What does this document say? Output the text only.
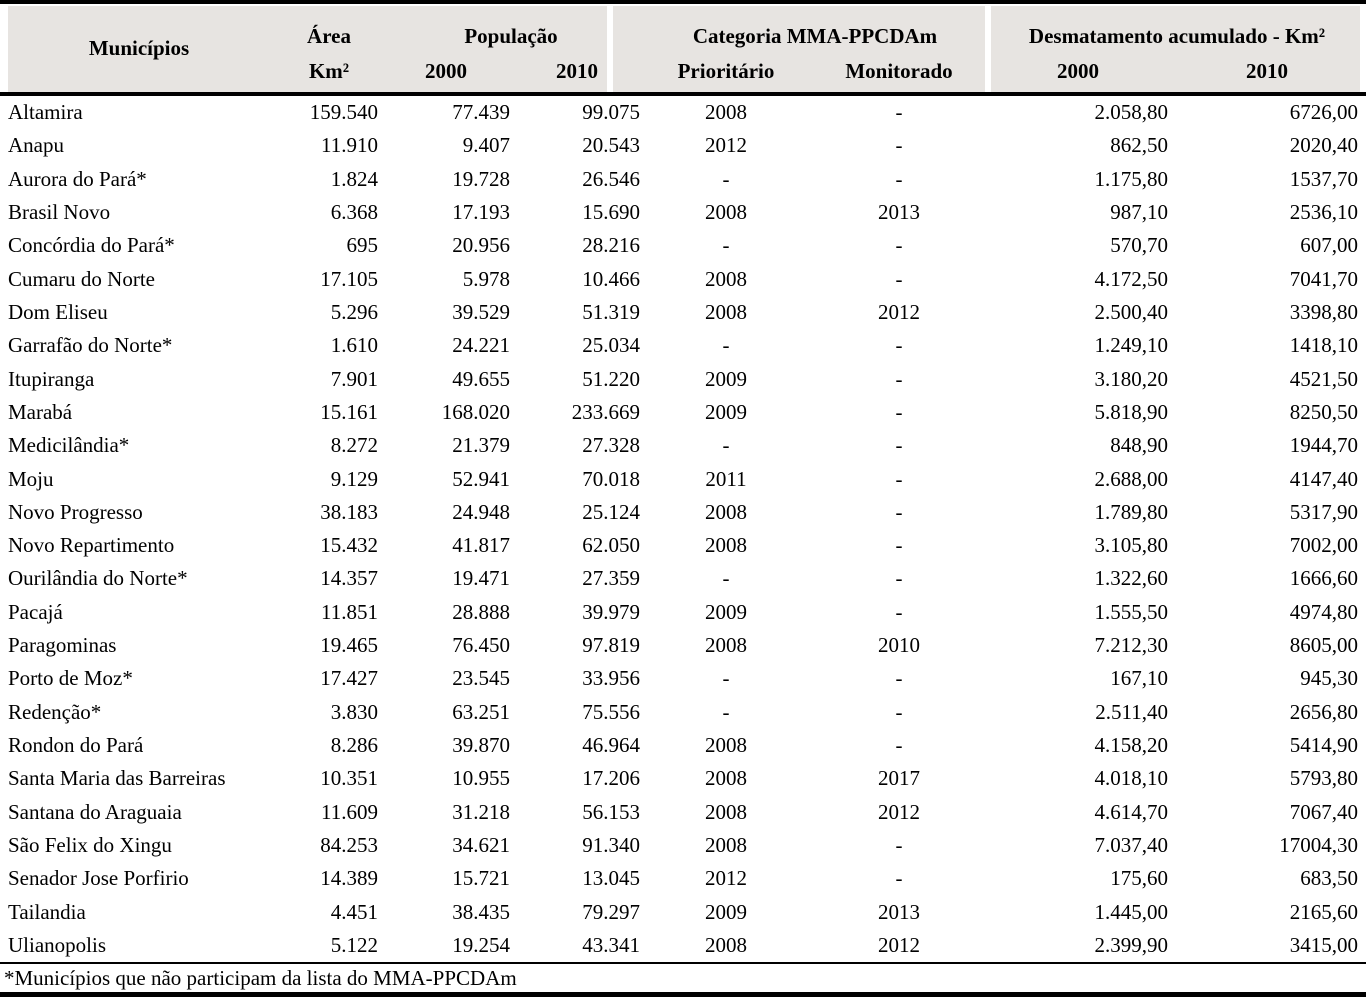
Municípios	Área	População	Categoria MMA-PPCDAm	Desmatamento acumulado - Km²
Km²	2000	2010	Prioritário	Monitorado	2000	2010
Altamira	159.540	77.439	99.075	2008	-	2.058,80	6726,00
Anapu	11.910	9.407	20.543	2012	-	862,50	2020,40
Aurora do Pará*	1.824	19.728	26.546	-	-	1.175,80	1537,70
Brasil Novo	6.368	17.193	15.690	2008	2013	987,10	2536,10
Concórdia do Pará*	695	20.956	28.216	-	-	570,70	607,00
Cumaru do Norte	17.105	5.978	10.466	2008	-	4.172,50	7041,70
Dom Eliseu	5.296	39.529	51.319	2008	2012	2.500,40	3398,80
Garrafão do Norte*	1.610	24.221	25.034	-	-	1.249,10	1418,10
Itupiranga	7.901	49.655	51.220	2009	-	3.180,20	4521,50
Marabá	15.161	168.020	233.669	2009	-	5.818,90	8250,50
Medicilândia*	8.272	21.379	27.328	-	-	848,90	1944,70
Moju	9.129	52.941	70.018	2011	-	2.688,00	4147,40
Novo Progresso	38.183	24.948	25.124	2008	-	1.789,80	5317,90
Novo Repartimento	15.432	41.817	62.050	2008	-	3.105,80	7002,00
Ourilândia do Norte*	14.357	19.471	27.359	-	-	1.322,60	1666,60
Pacajá	11.851	28.888	39.979	2009	-	1.555,50	4974,80
Paragominas	19.465	76.450	97.819	2008	2010	7.212,30	8605,00
Porto de Moz*	17.427	23.545	33.956	-	-	167,10	945,30
Redenção*	3.830	63.251	75.556	-	-	2.511,40	2656,80
Rondon do Pará	8.286	39.870	46.964	2008	-	4.158,20	5414,90
Santa Maria das Barreiras	10.351	10.955	17.206	2008	2017	4.018,10	5793,80
Santana do Araguaia	11.609	31.218	56.153	2008	2012	4.614,70	7067,40
São Felix do Xingu	84.253	34.621	91.340	2008	-	7.037,40	17004,30
Senador Jose Porfirio	14.389	15.721	13.045	2012	-	175,60	683,50
Tailandia	4.451	38.435	79.297	2009	2013	1.445,00	2165,60
Ulianopolis	5.122	19.254	43.341	2008	2012	2.399,90	3415,00
*Municípios que não participam da lista do MMA-PPCDAm
